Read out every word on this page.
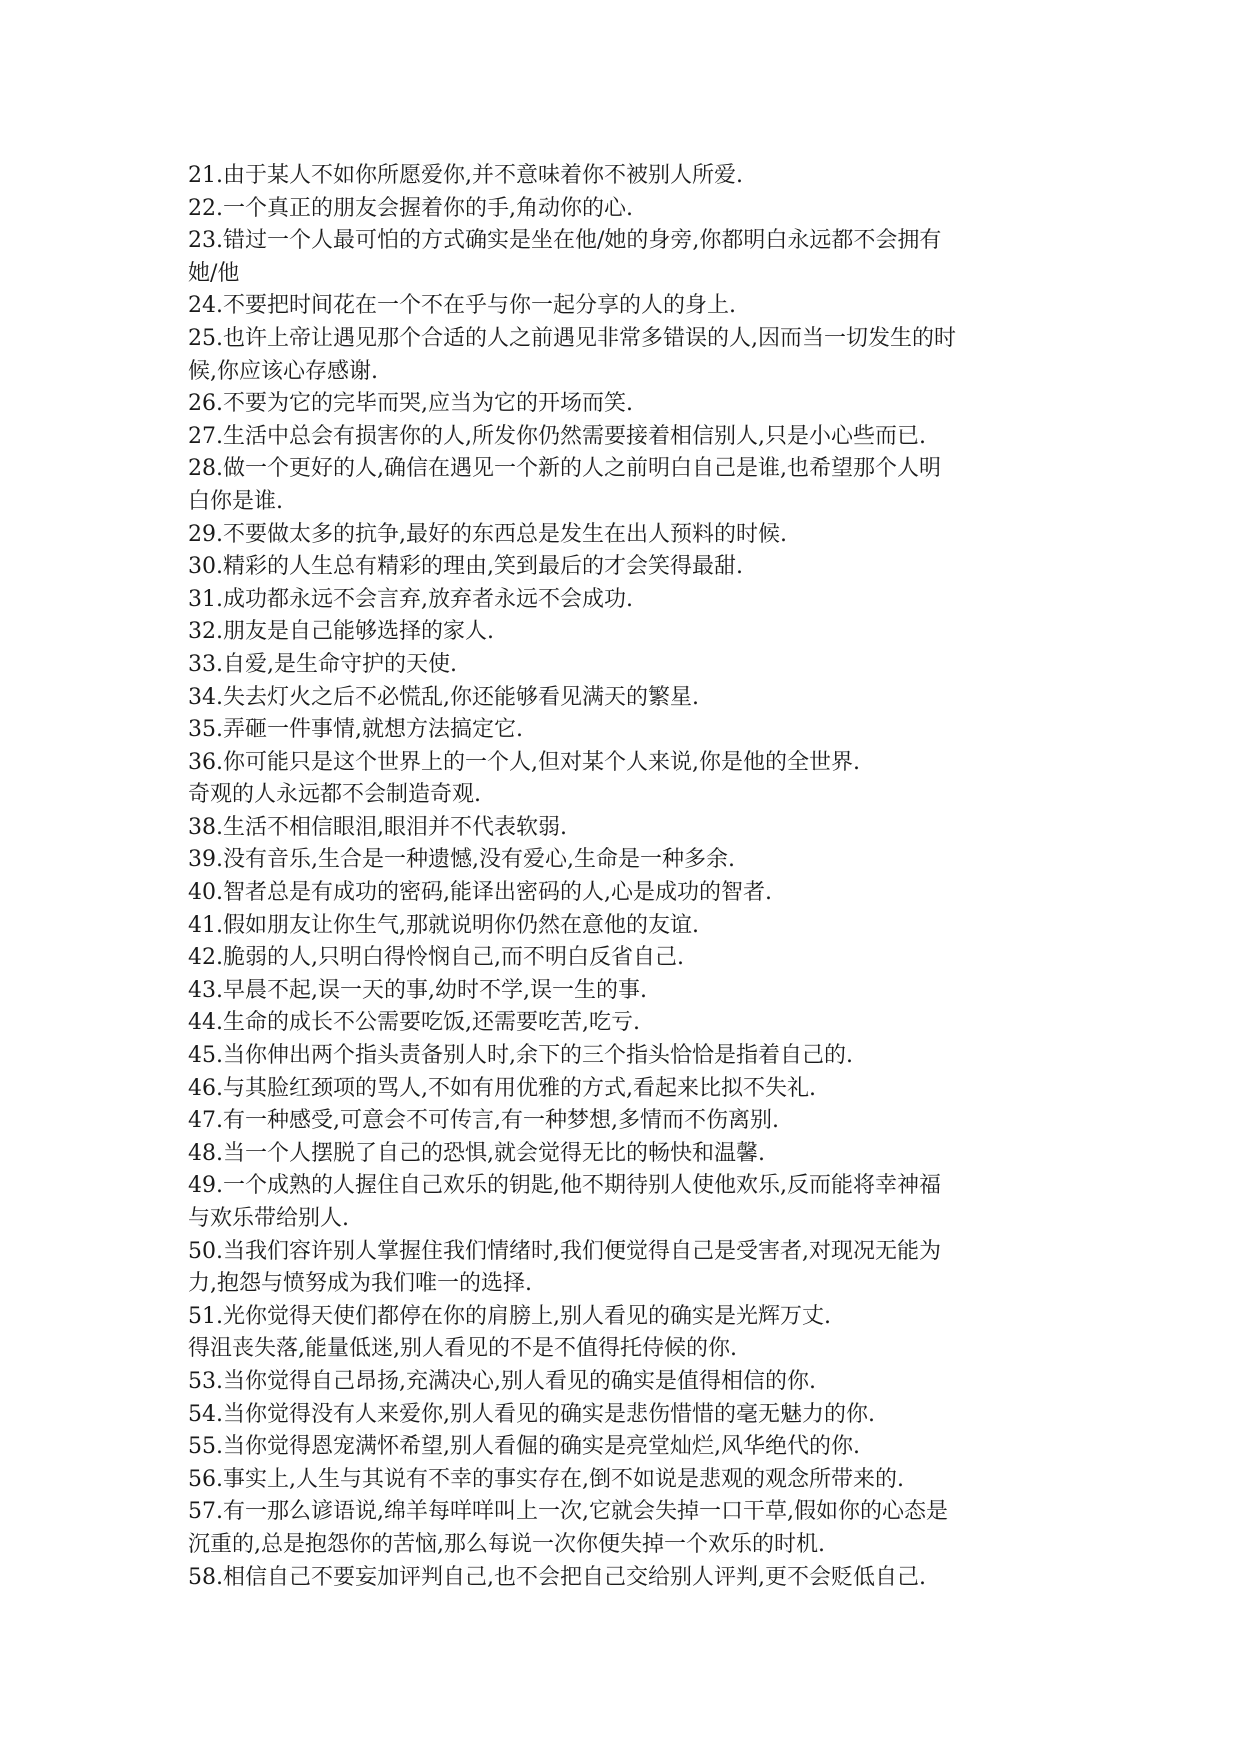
21.由于某人不如你所愿爱你,并不意味着你不被别人所爱.
22.一个真正的朋友会握着你的手,角动你的心.
23.错过一个人最可怕的方式确实是坐在他/她的身旁,你都明白永远都不会拥有
她/他
24.不要把时间花在一个不在乎与你一起分享的人的身上.
25.也许上帝让遇见那个合适的人之前遇见非常多错误的人,因而当一切发生的时
候,你应该心存感谢.
26.不要为它的完毕而哭,应当为它的开场而笑.
27.生活中总会有损害你的人,所发你仍然需要接着相信别人,只是小心些而已.
28.做一个更好的人,确信在遇见一个新的人之前明白自己是谁,也希望那个人明
白你是谁.
29.不要做太多的抗争,最好的东西总是发生在出人预料的时候.
30.精彩的人生总有精彩的理由,笑到最后的才会笑得最甜.
31.成功都永远不会言弃,放弃者永远不会成功.
32.朋友是自己能够选择的家人.
33.自爱,是生命守护的天使.
34.失去灯火之后不必慌乱,你还能够看见满天的繁星.
35.弄砸一件事情,就想方法搞定它.
36.你可能只是这个世界上的一个人,但对某个人来说,你是他的全世界.
奇观的人永远都不会制造奇观.
38.生活不相信眼泪,眼泪并不代表软弱.
39.没有音乐,生合是一种遗憾,没有爱心,生命是一种多余.
40.智者总是有成功的密码,能译出密码的人,心是成功的智者.
41.假如朋友让你生气,那就说明你仍然在意他的友谊.
42.脆弱的人,只明白得怜悯自己,而不明白反省自己.
43.早晨不起,误一天的事,幼时不学,误一生的事.
44.生命的成长不公需要吃饭,还需要吃苦,吃亏.
45.当你伸出两个指头责备别人时,余下的三个指头恰恰是指着自己的.
46.与其脸红颈项的骂人,不如有用优雅的方式,看起来比拟不失礼.
47.有一种感受,可意会不可传言,有一种梦想,多情而不伤离别.
48.当一个人摆脱了自己的恐惧,就会觉得无比的畅快和温馨.
49.一个成熟的人握住自己欢乐的钥匙,他不期待别人使他欢乐,反而能将幸神福
与欢乐带给别人.
50.当我们容许别人掌握住我们情绪时,我们便觉得自己是受害者,对现况无能为
力,抱怨与愤努成为我们唯一的选择.
51.光你觉得天使们都停在你的肩膀上,别人看见的确实是光辉万丈.
得沮丧失落,能量低迷,别人看见的不是不值得托侍候的你.
53.当你觉得自己昂扬,充满决心,别人看见的确实是值得相信的你.
54.当你觉得没有人来爱你,别人看见的确实是悲伤惜惜的毫无魅力的你.
55.当你觉得恩宠满怀希望,别人看倔的确实是亮堂灿烂,风华绝代的你.
56.事实上,人生与其说有不幸的事实存在,倒不如说是悲观的观念所带来的.
57.有一那么谚语说,绵羊每咩咩叫上一次,它就会失掉一口干草,假如你的心态是
沉重的,总是抱怨你的苦恼,那么每说一次你便失掉一个欢乐的时机.
58.相信自己不要妄加评判自己,也不会把自己交给别人评判,更不会贬低自己.
